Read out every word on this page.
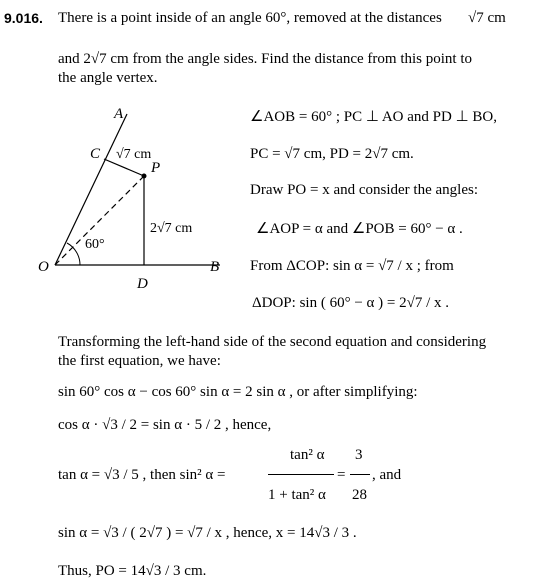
9.016. There is a point inside of an angle 60°, removed at the distances √7 cm
and 2√7 cm from the angle sides. Find the distance from this point to
the angle vertex.
A
C √7 cm
P
2√7 cm
60°
O
D
B
∠AOB = 60° ; PC ⊥ AO and PD ⊥ BO,
PC = √7 cm, PD = 2√7 cm.
Draw PO = x and consider the angles:
∠AOP = α and ∠POB = 60° − α .
From ΔCOP: sin α = √7 / x ; from
ΔDOP: sin ( 60° − α ) = 2√7 / x .
Transforming the left-hand side of the second equation and considering
the first equation, we have:
sin 60° cos α − cos 60° sin α = 2 sin α , or after simplifying:
cos α · √3 / 2 = sin α · 5 / 2 , hence,
tan α = √3 / 5 , then sin² α =
tan² α
1 + tan² α
=
3
28
, and
sin α = √3 / ( 2√7 ) = √7 / x , hence, x = 14√3 / 3 .
Thus, PO = 14√3 / 3 cm.
